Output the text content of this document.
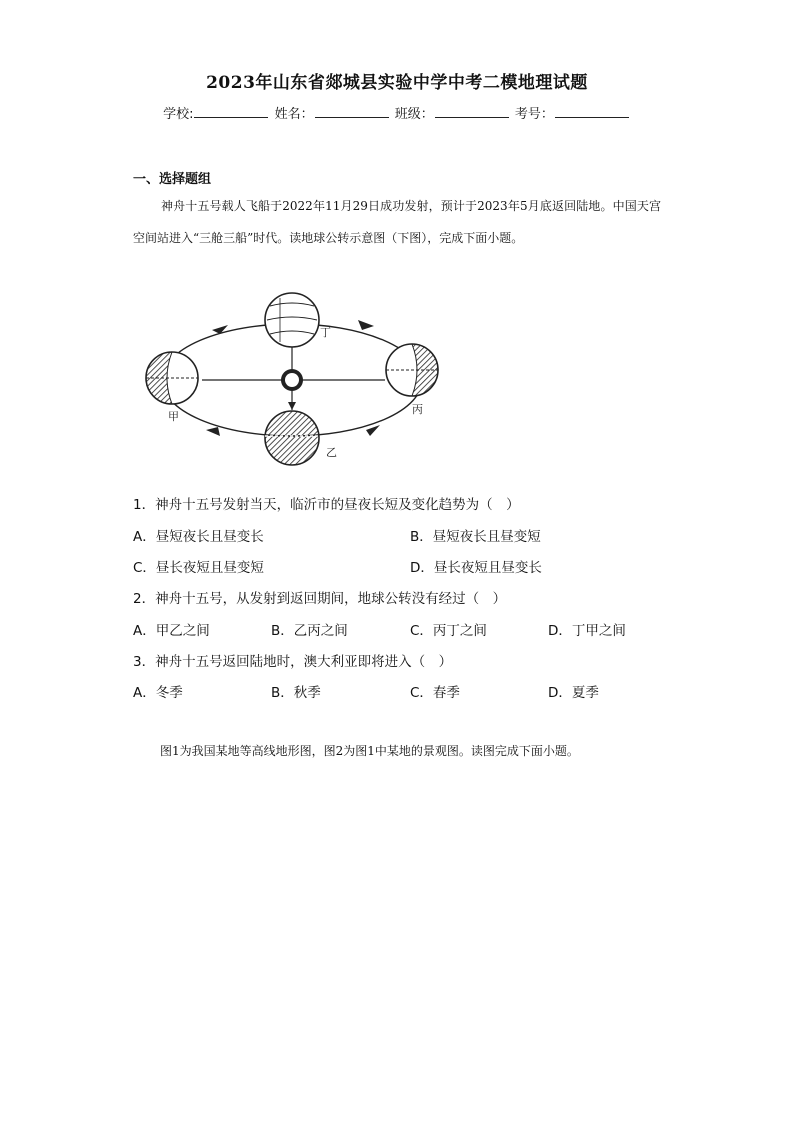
2023年山东省郯城县实验中学中考二模地理试题
学校:	姓名：	班级：	考号：
一、选择题组
神舟十五号载人飞船于2022年11月29日成功发射，预计于2023年5月底返回陆地。中国天宫空间站进入“三舱三船”时代。读地球公转示意图（下图），完成下面小题。
甲
乙
丙
丁
1．神舟十五号发射当天，临沂市的昼夜长短及变化趋势为（　）
A．昼短夜长且昼变长	B．昼短夜长且昼变短
C．昼长夜短且昼变短	D．昼长夜短且昼变长
2．神舟十五号，从发射到返回期间，地球公转没有经过（　）
A．甲乙之间	B．乙丙之间	C．丙丁之间	D．丁甲之间
3．神舟十五号返回陆地时，澳大利亚即将进入（　）
A．冬季	B．秋季	C．春季	D．夏季
图1为我国某地等高线地形图，图2为图1中某地的景观图。读图完成下面小题。
